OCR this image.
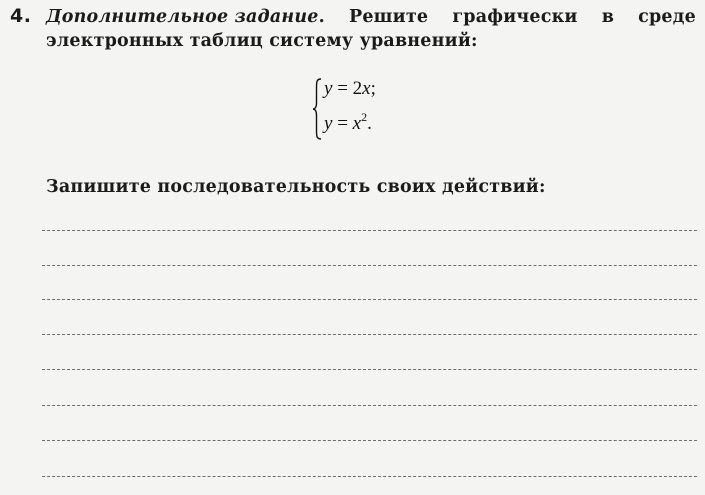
4. Дополнительное задание. Решите графически в среде
электронных таблиц систему уравнений:
y = 2x;
$y = x^2$.
Запишите последовательность своих действий:
